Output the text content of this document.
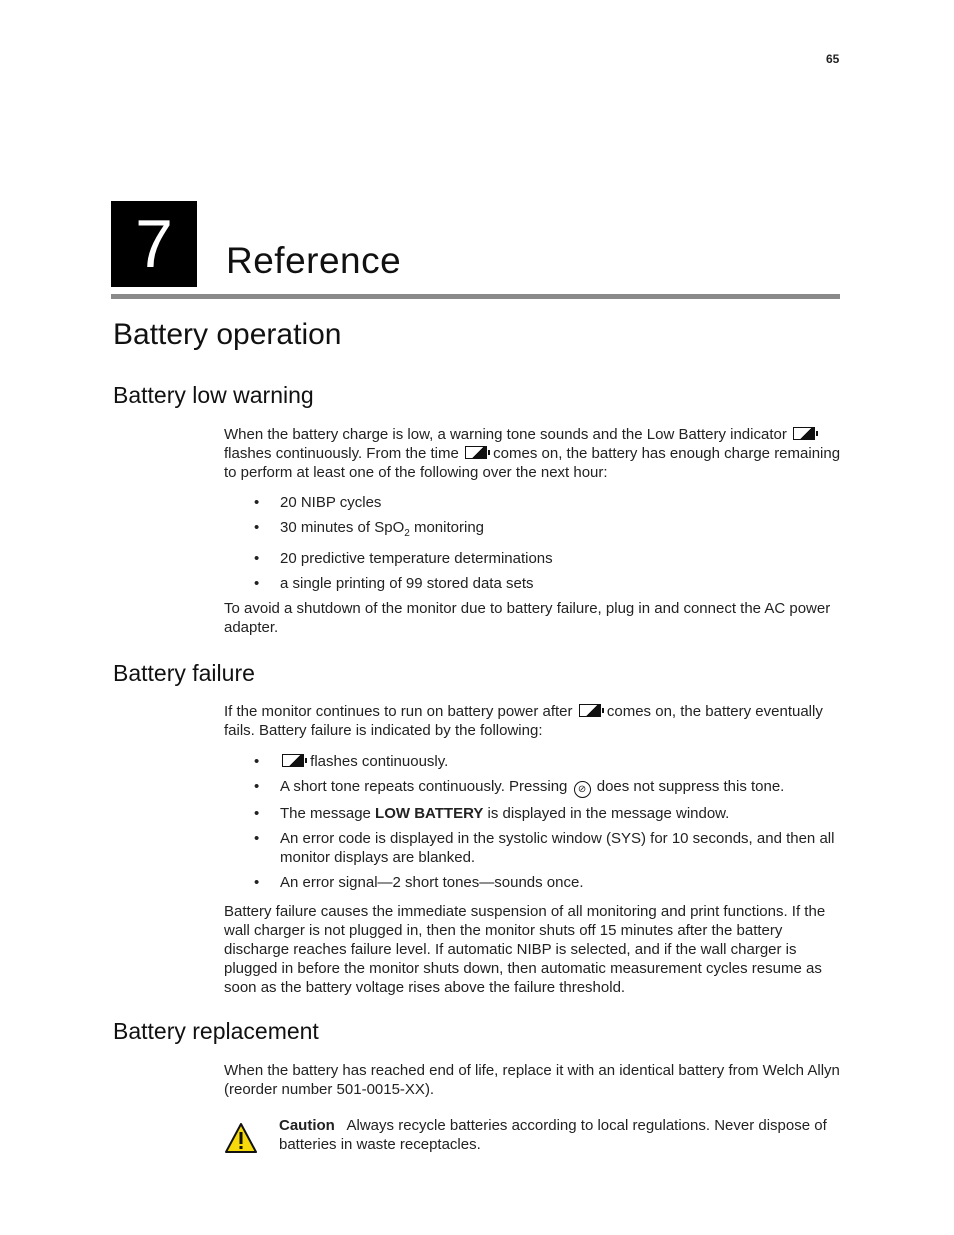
65
7	Reference
Battery operation
Battery low warning

When the battery charge is low, a warning tone sounds and the Low Battery indicator  flashes continuously. From the time comes on, the battery has enough charge remaining to perform at least one of the following over the next hour:

• 20 NIBP cycles
• 30 minutes of SpO$_2$ monitoring
• 20 predictive temperature determinations
• a single printing of 99 stored data sets

To avoid a shutdown of the monitor due to battery failure, plug in and connect the AC power adapter.

Battery failure

If the monitor continues to run on battery power after comes on, the battery eventually fails. Battery failure is indicated by the following:

• flashes continuously.
• A short tone repeats continuously. Pressing ⊘ does not suppress this tone.
• The message LOW BATTERY is displayed in the message window.
• An error code is displayed in the systolic window (SYS) for 10 seconds, and then all monitor displays are blanked.
• An error signal—2 short tones—sounds once.

Battery failure causes the immediate suspension of all monitoring and print functions. If the wall charger is not plugged in, then the monitor shuts off 15 minutes after the battery discharge reaches failure level. If automatic NIBP is selected, and if the wall charger is plugged in before the monitor shuts down, then automatic measurement cycles resume as soon as the battery voltage rises above the failure threshold.

Battery replacement

When the battery has reached end of life, replace it with an identical battery from Welch Allyn (reorder number 501-0015-XX).

Caution Always recycle batteries according to local regulations. Never dispose of batteries in waste receptacles.
